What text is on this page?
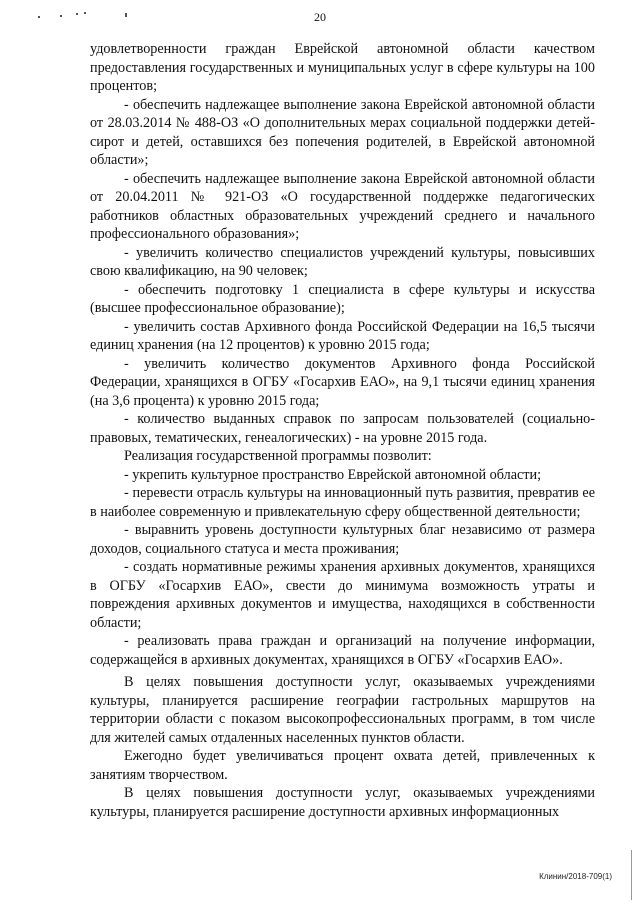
20

удовлетворенности граждан Еврейской автономной области качеством предоставления государственных и муниципальных услуг в сфере культуры на 100 процентов;

- обеспечить надлежащее выполнение закона Еврейской автономной области от 28.03.2014 № 488-ОЗ «О дополнительных мерах социальной поддержки детей-сирот и детей, оставшихся без попечения родителей, в Еврейской автономной области»;

- обеспечить надлежащее выполнение закона Еврейской автономной области от 20.04.2011 № 921-ОЗ «О государственной поддержке педагогических работников областных образовательных учреждений среднего и начального профессионального образования»;

- увеличить количество специалистов учреждений культуры, повысивших свою квалификацию, на 90 человек;

- обеспечить подготовку 1 специалиста в сфере культуры и искусства (высшее профессиональное образование);

- увеличить состав Архивного фонда Российской Федерации на 16,5 тысячи единиц хранения (на 12 процентов) к уровню 2015 года;

- увеличить количество документов Архивного фонда Российской Федерации, хранящихся в ОГБУ «Госархив ЕАО», на 9,1 тысячи единиц хранения (на 3,6 процента) к уровню 2015 года;

- количество выданных справок по запросам пользователей (социально-правовых, тематических, генеалогических) - на уровне 2015 года.

Реализация государственной программы позволит:

- укрепить культурное пространство Еврейской автономной области;

- перевести отрасль культуры на инновационный путь развития, превратив ее в наиболее современную и привлекательную сферу общественной деятельности;

- выравнить уровень доступности культурных благ независимо от размера доходов, социального статуса и места проживания;

- создать нормативные режимы хранения архивных документов, хранящихся в ОГБУ «Госархив ЕАО», свести до минимума возможность утраты и повреждения архивных документов и имущества, находящихся в собственности области;

- реализовать права граждан и организаций на получение информации, содержащейся в архивных документах, хранящихся в ОГБУ «Госархив ЕАО».

В целях повышения доступности услуг, оказываемых учреждениями культуры, планируется расширение географии гастрольных маршрутов на территории области с показом высокопрофессиональных программ, в том числе для жителей самых отдаленных населенных пунктов области.

Ежегодно будет увеличиваться процент охвата детей, привлеченных к занятиям творчеством.

В целях повышения доступности услуг, оказываемых учреждениями культуры, планируется расширение доступности архивных информационных

Клинин/2018-709(1)
